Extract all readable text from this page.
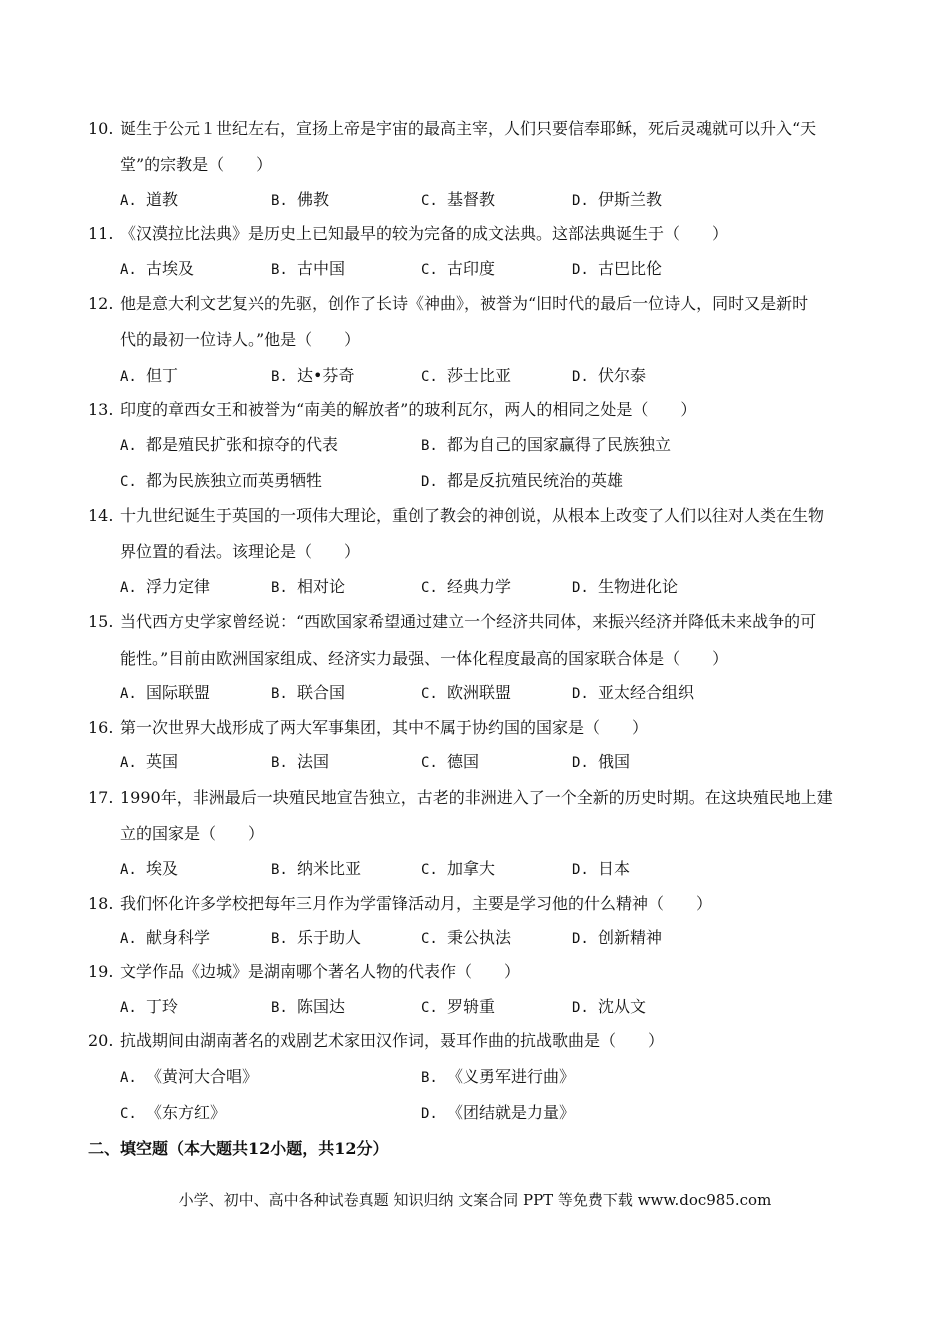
10. 诞生于公元１世纪左右，宣扬上帝是宇宙的最高主宰，人们只要信奉耶稣，死后灵魂就可以升入“天
堂”的宗教是（　　）
A. 道教	B. 佛教	C. 基督教	D. 伊斯兰教
11. 《汉漠拉比法典》是历史上已知最早的较为完备的成文法典。这部法典诞生于（　　）
A. 古埃及	B. 古中国	C. 古印度	D. 古巴比伦
12. 他是意大利文艺复兴的先驱，创作了长诗《神曲》，被誉为“旧时代的最后一位诗人，同时又是新时
代的最初一位诗人。”他是（　　）
A. 但丁	B. 达•芬奇	C. 莎士比亚	D. 伏尔泰
13. 印度的章西女王和被誉为“南美的解放者”的玻利瓦尔，两人的相同之处是（　　）
A. 都是殖民扩张和掠夺的代表	B. 都为自己的国家赢得了民族独立
C. 都为民族独立而英勇牺牲	D. 都是反抗殖民统治的英雄
14. 十九世纪诞生于英国的一项伟大理论，重创了教会的神创说，从根本上改变了人们以往对人类在生物
界位置的看法。该理论是（　　）
A. 浮力定律	B. 相对论	C. 经典力学	D. 生物进化论
15. 当代西方史学家曾经说：“西欧国家希望通过建立一个经济共同体，来振兴经济并降低未来战争的可
能性。”目前由欧洲国家组成、经济实力最强、一体化程度最高的国家联合体是（　　）
A. 国际联盟	B. 联合国	C. 欧洲联盟	D. 亚太经合组织
16. 第一次世界大战形成了两大军事集团，其中不属于协约国的国家是（　　）
A. 英国	B. 法国	C. 德国	D. 俄国
17. 1990年，非洲最后一块殖民地宣告独立，古老的非洲进入了一个全新的历史时期。在这块殖民地上建
立的国家是（　　）
A. 埃及	B. 纳米比亚	C. 加拿大	D. 日本
18. 我们怀化许多学校把每年三月作为学雷锋活动月，主要是学习他的什么精神（　　）
A. 献身科学	B. 乐于助人	C. 秉公执法	D. 创新精神
19. 文学作品《边城》是湖南哪个著名人物的代表作（　　）
A. 丁玲	B. 陈国达	C. 罗辀重	D. 沈从文
20. 抗战期间由湖南著名的戏剧艺术家田汉作词，聂耳作曲的抗战歌曲是（　　）
A. 《黄河大合唱》	B. 《义勇军进行曲》
C. 《东方红》	D. 《团结就是力量》
二、填空题（本大题共12小题，共12分）
小学、初中、高中各种试卷真题 知识归纳 文案合同 PPT 等免费下载 www.doc985.com
